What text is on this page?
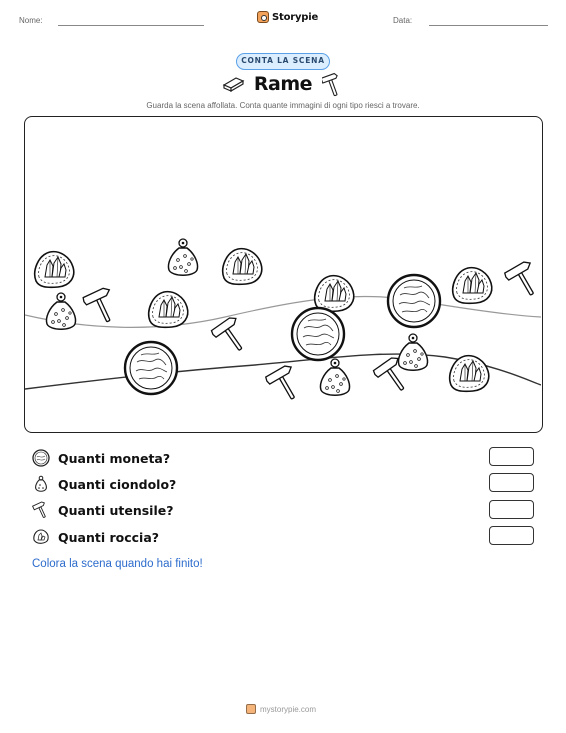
Nome:	Storypie	Data:
CONTA LA SCENA
Rame
Guarda la scena affollata. Conta quante immagini di ogni tipo riesci a trovare.
Quanti moneta?
Quanti ciondolo?
Quanti utensile?
Quanti roccia?
Colora la scena quando hai finito!
mystorypie.com
